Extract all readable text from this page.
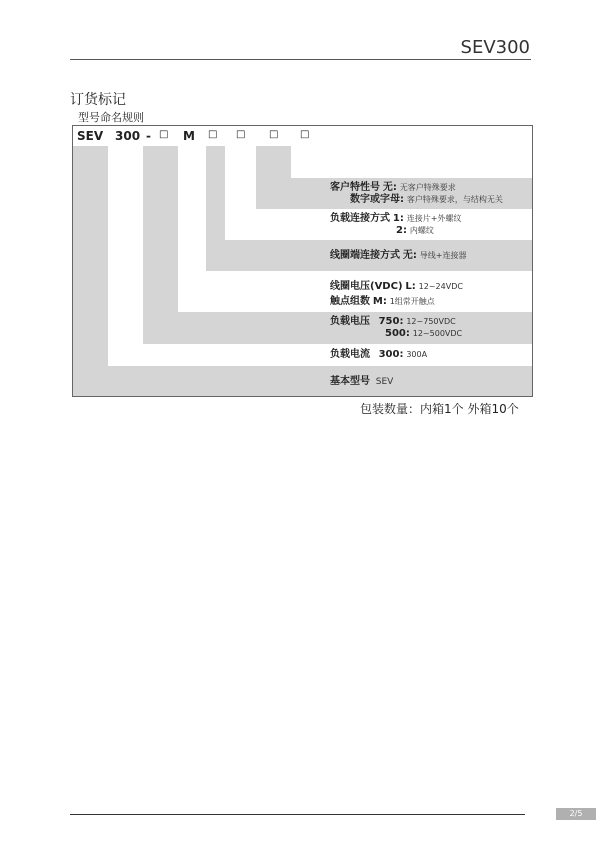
SEV300
订货标记
型号命名规则
SEV 300 - □ M □ □ □ □
客户特性号 无: 无客户特殊要求
数字或字母: 客户特殊要求，与结构无关
负载连接方式 1: 连接片+外螺纹
2: 内螺纹
线圈端连接方式 无: 导线+连接器
线圈电压(VDC) L: 12~24VDC
触点组数 M: 1组常开触点
负载电压 750: 12~750VDC
500: 12~500VDC
负载电流 300: 300A
基本型号 SEV
包装数量：内箱1个 外箱10个
2/5
